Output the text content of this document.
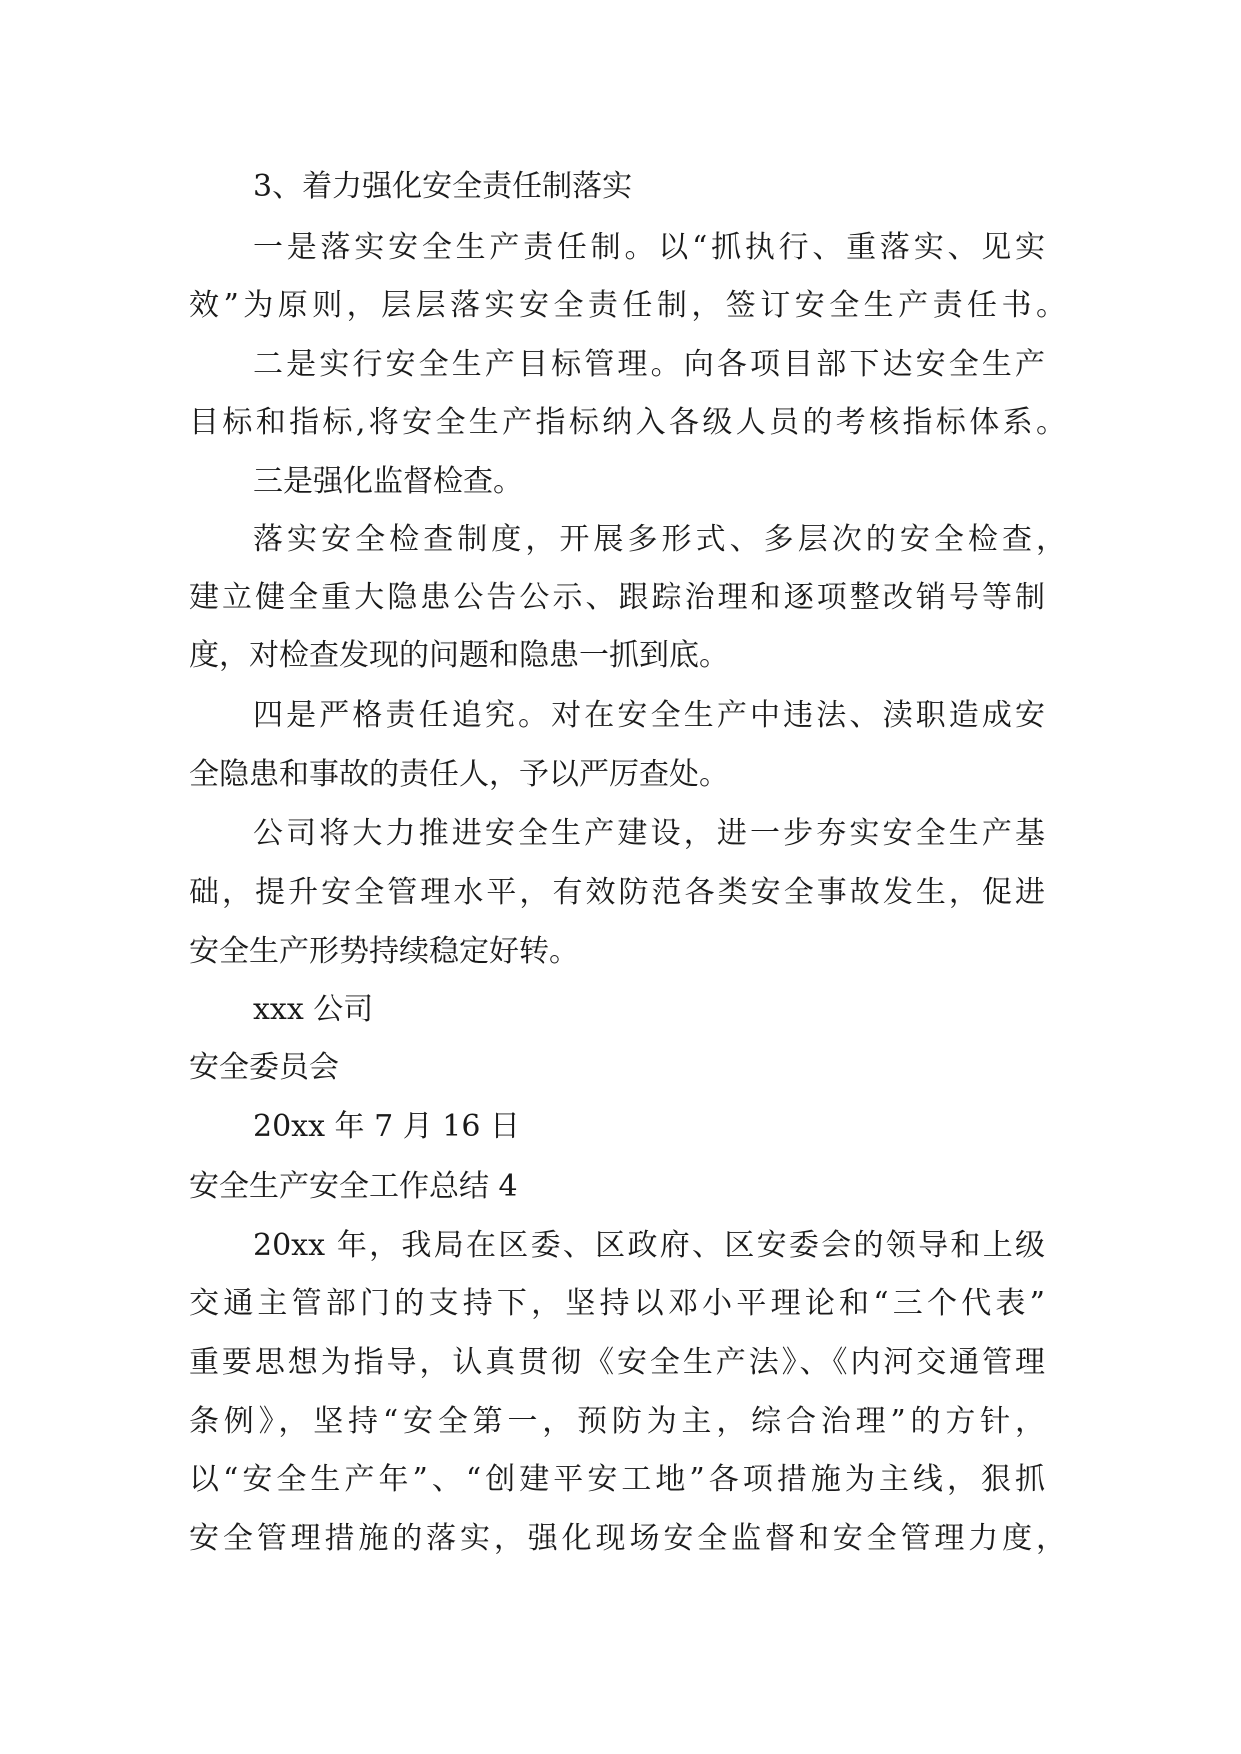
3、着力强化安全责任制落实
一是落实安全生产责任制。以“抓执行、重落实、见实
效”为原则，层层落实安全责任制，签订安全生产责任书。
二是实行安全生产目标管理。向各项目部下达安全生产
目标和指标,将安全生产指标纳入各级人员的考核指标体系。
三是强化监督检查。
落实安全检查制度，开展多形式、多层次的安全检查，
建立健全重大隐患公告公示、跟踪治理和逐项整改销号等制
度，对检查发现的问题和隐患一抓到底。
四是严格责任追究。对在安全生产中违法、渎职造成安
全隐患和事故的责任人，予以严厉查处。
公司将大力推进安全生产建设，进一步夯实安全生产基
础，提升安全管理水平，有效防范各类安全事故发生，促进
安全生产形势持续稳定好转。
xxx 公司
安全委员会
20xx 年 7 月 16 日
安全生产安全工作总结 4
20xx 年，我局在区委、区政府、区安委会的领导和上级
交通主管部门的支持下，坚持以邓小平理论和“三个代表”
重要思想为指导，认真贯彻《安全生产法》、《内河交通管理
条例》，坚持“安全第一，预防为主，综合治理”的方针，
以“安全生产年”、“创建平安工地”各项措施为主线，狠抓
安全管理措施的落实，强化现场安全监督和安全管理力度，
